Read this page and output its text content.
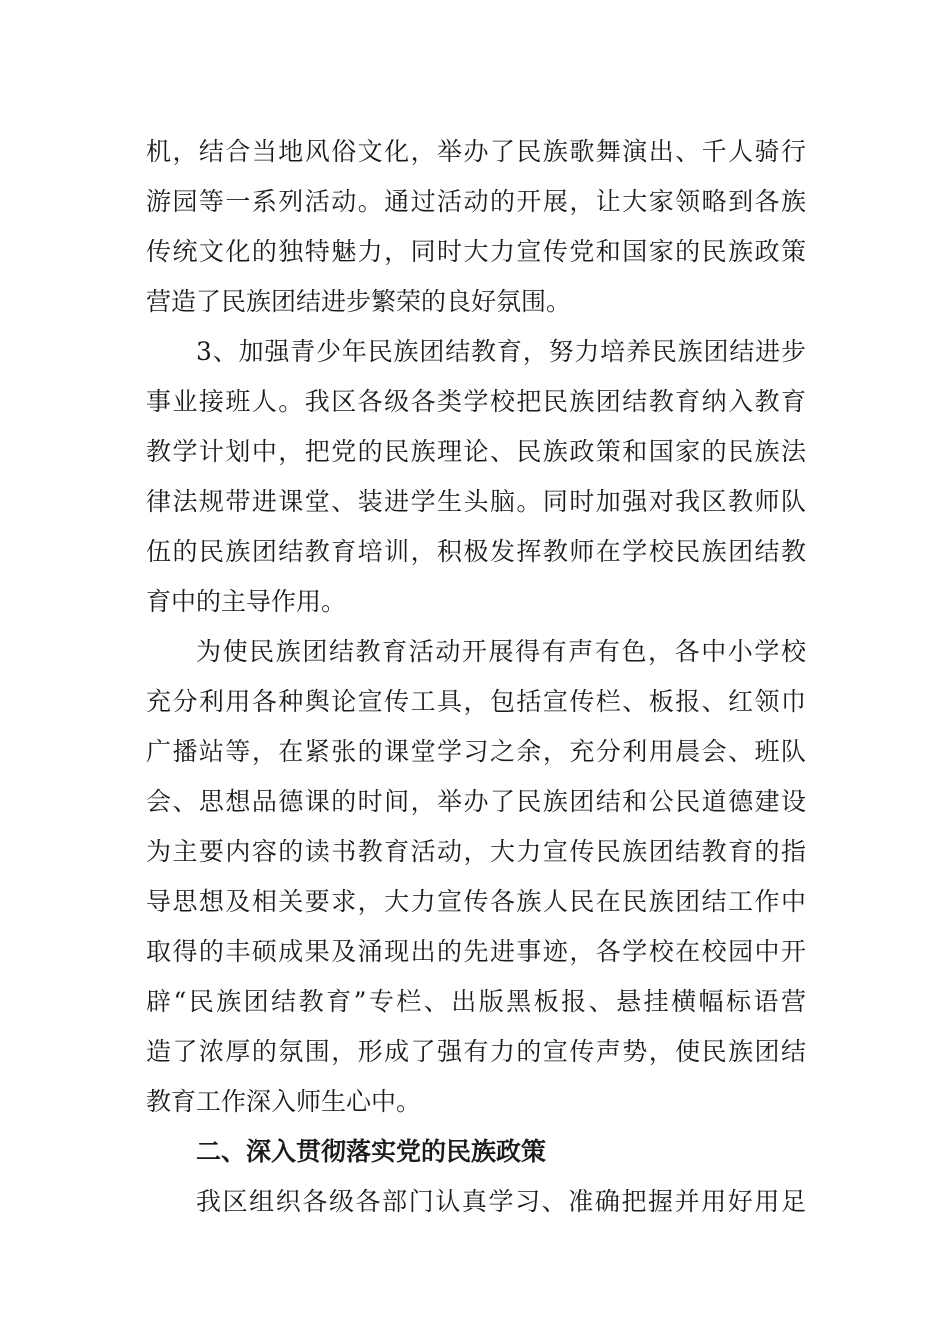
机，结合当地风俗文化，举办了民族歌舞演出、千人骑行
游园等一系列活动。通过活动的开展，让大家领略到各族
传统文化的独特魅力，同时大力宣传党和国家的民族政策
营造了民族团结进步繁荣的良好氛围。
3、加强青少年民族团结教育，努力培养民族团结进步
事业接班人。我区各级各类学校把民族团结教育纳入教育
教学计划中，把党的民族理论、民族政策和国家的民族法
律法规带进课堂、装进学生头脑。同时加强对我区教师队
伍的民族团结教育培训，积极发挥教师在学校民族团结教
育中的主导作用。
为使民族团结教育活动开展得有声有色，各中小学校
充分利用各种舆论宣传工具，包括宣传栏、板报、红领巾
广播站等，在紧张的课堂学习之余，充分利用晨会、班队
会、思想品德课的时间，举办了民族团结和公民道德建设
为主要内容的读书教育活动，大力宣传民族团结教育的指
导思想及相关要求，大力宣传各族人民在民族团结工作中
取得的丰硕成果及涌现出的先进事迹，各学校在校园中开
辟“民族团结教育”专栏、出版黑板报、悬挂横幅标语营
造了浓厚的氛围，形成了强有力的宣传声势，使民族团结
教育工作深入师生心中。
二、深入贯彻落实党的民族政策
我区组织各级各部门认真学习、准确把握并用好用足
